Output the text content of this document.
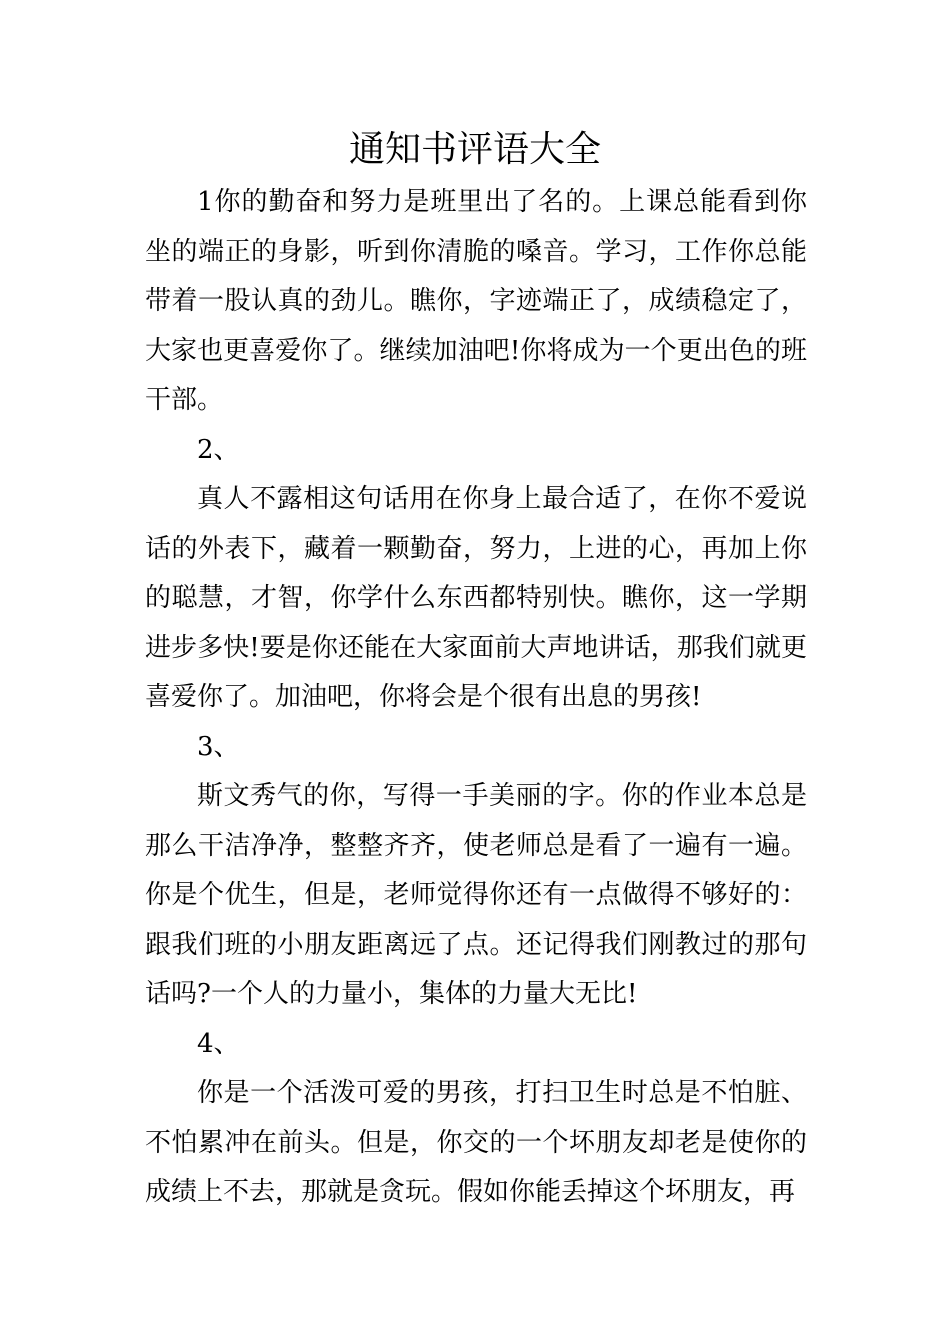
通知书评语大全

1你的勤奋和努力是班里出了名的。上课总能看到你坐的端正的身影，听到你清脆的嗓音。学习，工作你总能带着一股认真的劲儿。瞧你，字迹端正了，成绩稳定了，大家也更喜爱你了。继续加油吧!你将成为一个更出色的班干部。

2、

真人不露相这句话用在你身上最合适了，在你不爱说话的外表下，藏着一颗勤奋，努力，上进的心，再加上你的聪慧，才智，你学什么东西都特别快。瞧你，这一学期进步多快!要是你还能在大家面前大声地讲话，那我们就更喜爱你了。加油吧，你将会是个很有出息的男孩!

3、

斯文秀气的你，写得一手美丽的字。你的作业本总是那么干洁净净，整整齐齐，使老师总是看了一遍有一遍。你是个优生，但是，老师觉得你还有一点做得不够好的：跟我们班的小朋友距离远了点。还记得我们刚教过的那句话吗?一个人的力量小，集体的力量大无比!

4、

你是一个活泼可爱的男孩，打扫卫生时总是不怕脏、不怕累冲在前头。但是，你交的一个坏朋友却老是使你的成绩上不去，那就是贪玩。假如你能丢掉这个坏朋友，再
